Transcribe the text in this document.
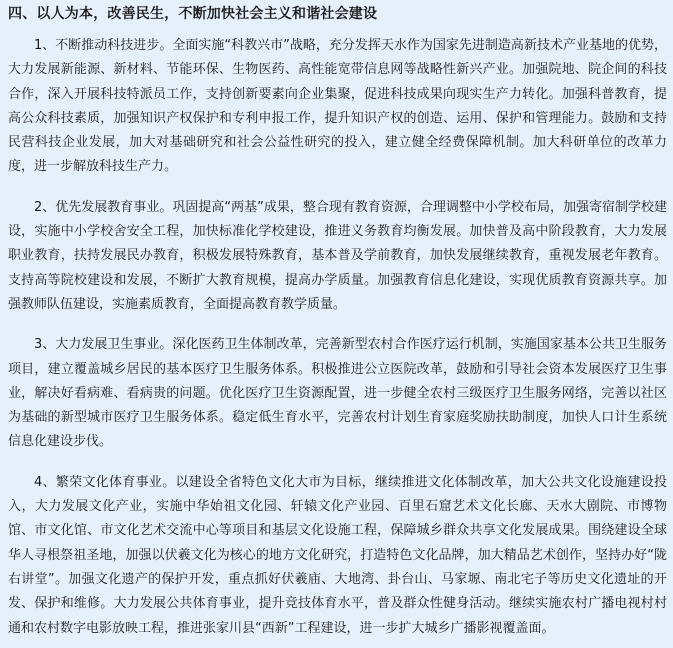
四、以人为本，改善民生，不断加快社会主义和谐社会建设

1、不断推动科技进步。全面实施“科教兴市”战略，充分发挥天水作为国家先进制造高新技术产业基地的优势，大力发展新能源、新材料、节能环保、生物医药、高性能宽带信息网等战略性新兴产业。加强院地、院企间的科技合作，深入开展科技特派员工作，支持创新要素向企业集聚，促进科技成果向现实生产力转化。加强科普教育，提高公众科技素质，加强知识产权保护和专利申报工作，提升知识产权的创造、运用、保护和管理能力。鼓励和支持民营科技企业发展，加大对基础研究和社会公益性研究的投入，建立健全经费保障机制。加大科研单位的改革力度，进一步解放科技生产力。

2、优先发展教育事业。巩固提高“两基”成果，整合现有教育资源，合理调整中小学校布局，加强寄宿制学校建设，实施中小学校舍安全工程，加快标准化学校建设，推进义务教育均衡发展。加快普及高中阶段教育，大力发展职业教育，扶持发展民办教育，积极发展特殊教育，基本普及学前教育，加快发展继续教育，重视发展老年教育。支持高等院校建设和发展，不断扩大教育规模，提高办学质量。加强教育信息化建设，实现优质教育资源共享。加强教师队伍建设，实施素质教育，全面提高教育教学质量。

3、大力发展卫生事业。深化医药卫生体制改革，完善新型农村合作医疗运行机制，实施国家基本公共卫生服务项目，建立覆盖城乡居民的基本医疗卫生服务体系。积极推进公立医院改革，鼓励和引导社会资本发展医疗卫生事业，解决好看病难、看病贵的问题。优化医疗卫生资源配置，进一步健全农村三级医疗卫生服务网络，完善以社区为基础的新型城市医疗卫生服务体系。稳定低生育水平，完善农村计划生育家庭奖励扶助制度，加快人口计生系统信息化建设步伐。

4、繁荣文化体育事业。以建设全省特色文化大市为目标，继续推进文化体制改革，加大公共文化设施建设投入，大力发展文化产业，实施中华始祖文化园、轩辕文化产业园、百里石窟艺术文化长廊、天水大剧院、市博物馆、市文化馆、市文化艺术交流中心等项目和基层文化设施工程，保障城乡群众共享文化发展成果。围绕建设全球华人寻根祭祖圣地，加强以伏羲文化为核心的地方文化研究，打造特色文化品牌，加大精品艺术创作，坚持办好“陇右讲堂”。加强文化遗产的保护开发，重点抓好伏羲庙、大地湾、卦台山、马家塬、南北宅子等历史文化遗址的开发、保护和维修。大力发展公共体育事业，提升竞技体育水平，普及群众性健身活动。继续实施农村广播电视村村通和农村数字电影放映工程，推进张家川县“西新”工程建设，进一步扩大城乡广播影视覆盖面。
